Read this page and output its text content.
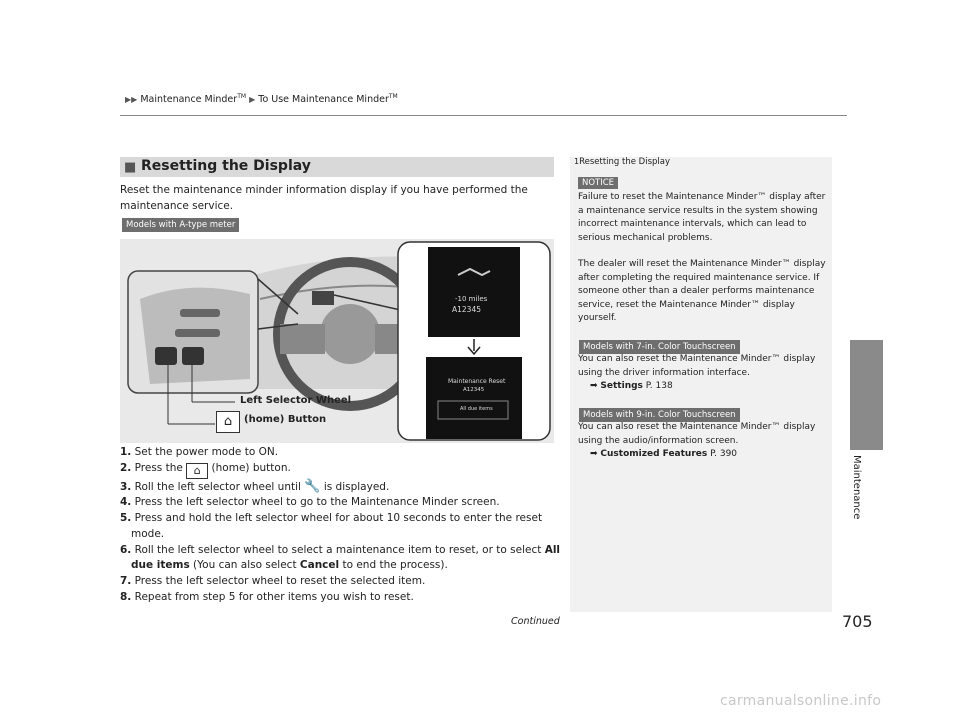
▶▶ Maintenance Minder™ ▶ To Use Maintenance Minder™
Maintenance
■ Resetting the Display
Reset the maintenance minder information display if you have performed the maintenance service.
Models with A-type meter
-10 miles
A12345
Maintenance Reset
A12345
All due items
Left Selector Wheel
⌂	(home) Button
1. Set the power mode to ON.
2. Press the ⌂ (home) button.
3. Roll the left selector wheel until 🔧 is displayed.
4. Press the left selector wheel to go to the Maintenance Minder screen.
5. Press and hold the left selector wheel for about 10 seconds to enter the reset
mode.
6. Roll the left selector wheel to select a maintenance item to reset, or to select All
due items (You can also select Cancel to end the process).
7. Press the left selector wheel to reset the selected item.
8. Repeat from step 5 for other items you wish to reset.
1Resetting the Display
NOTICE
Failure to reset the Maintenance Minder™ display after a maintenance service results in the system showing incorrect maintenance intervals, which can lead to serious mechanical problems.
The dealer will reset the Maintenance Minder™ display after completing the required maintenance service. If someone other than a dealer performs maintenance service, reset the Maintenance Minder™ display yourself.
Models with 7-in. Color Touchscreen
You can also reset the Maintenance Minder™ display using the driver information interface.
➡ Settings P. 138
Models with 9-in. Color Touchscreen
You can also reset the Maintenance Minder™ display using the audio/information screen.
➡ Customized Features P. 390
Continued	705
carmanualsonline.info
